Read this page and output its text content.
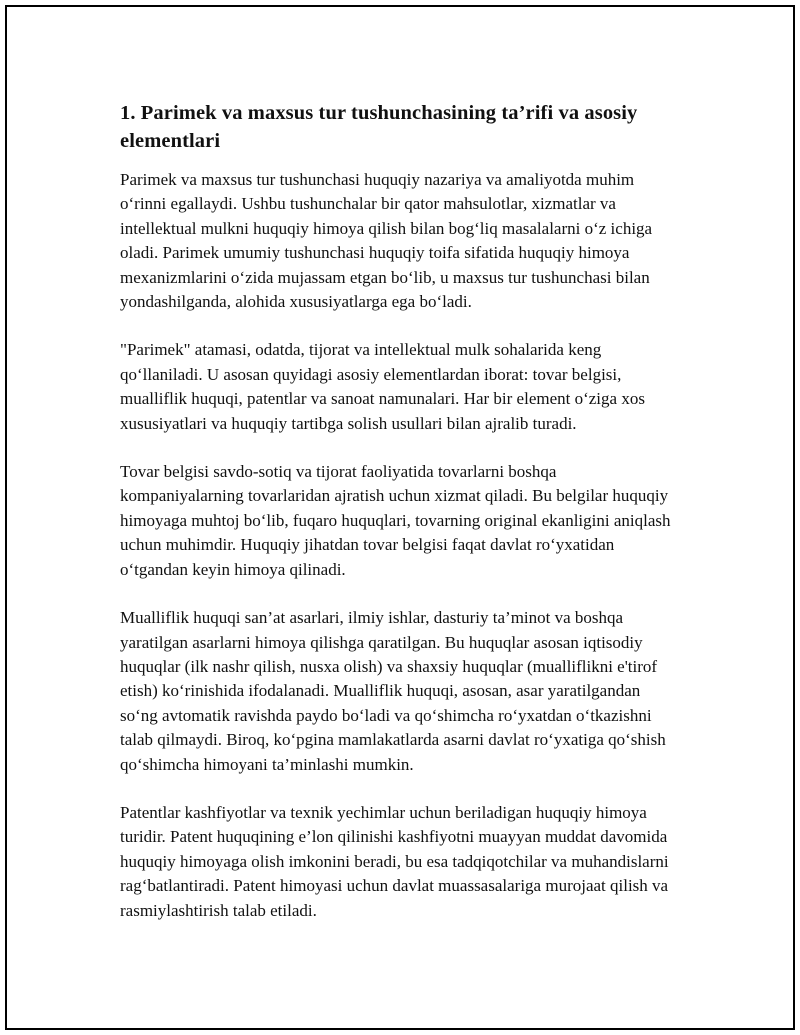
1. Parimek va maxsus tur tushunchasining ta’rifi va asosiy elementlari

Parimek va maxsus tur tushunchasi huquqiy nazariya va amaliyotda muhim o‘rinni egallaydi. Ushbu tushunchalar bir qator mahsulotlar, xizmatlar va intellektual mulkni huquqiy himoya qilish bilan bog‘liq masalalarni o‘z ichiga oladi. Parimek umumiy tushunchasi huquqiy toifa sifatida huquqiy himoya mexanizmlarini o‘zida mujassam etgan bo‘lib, u maxsus tur tushunchasi bilan yondashilganda, alohida xususiyatlarga ega bo‘ladi.

"Parimek" atamasi, odatda, tijorat va intellektual mulk sohalarida keng qo‘llaniladi. U asosan quyidagi asosiy elementlardan iborat: tovar belgisi, mualliflik huquqi, patentlar va sanoat namunalari. Har bir element o‘ziga xos xususiyatlari va huquqiy tartibga solish usullari bilan ajralib turadi.

Tovar belgisi savdo-sotiq va tijorat faoliyatida tovarlarni boshqa kompaniyalarning tovarlaridan ajratish uchun xizmat qiladi. Bu belgilar huquqiy himoyaga muhtoj bo‘lib, fuqaro huquqlari, tovarning original ekanligini aniqlash uchun muhimdir. Huquqiy jihatdan tovar belgisi faqat davlat ro‘yxatidan o‘tgandan keyin himoya qilinadi.

Mualliflik huquqi san’at asarlari, ilmiy ishlar, dasturiy ta’minot va boshqa yaratilgan asarlarni himoya qilishga qaratilgan. Bu huquqlar asosan iqtisodiy huquqlar (ilk nashr qilish, nusxa olish) va shaxsiy huquqlar (mualliflikni e'tirof etish) ko‘rinishida ifodalanadi. Mualliflik huquqi, asosan, asar yaratilgandan so‘ng avtomatik ravishda paydo bo‘ladi va qo‘shimcha ro‘yxatdan o‘tkazishni talab qilmaydi. Biroq, ko‘pgina mamlakatlarda asarni davlat ro‘yxatiga qo‘shish qo‘shimcha himoyani ta’minlashi mumkin.

Patentlar kashfiyotlar va texnik yechimlar uchun beriladigan huquqiy himoya turidir. Patent huquqining e’lon qilinishi kashfiyotni muayyan muddat davomida huquqiy himoyaga olish imkonini beradi, bu esa tadqiqotchilar va muhandislarni rag‘batlantiradi. Patent himoyasi uchun davlat muassasalariga murojaat qilish va rasmiylashtirish talab etiladi.
